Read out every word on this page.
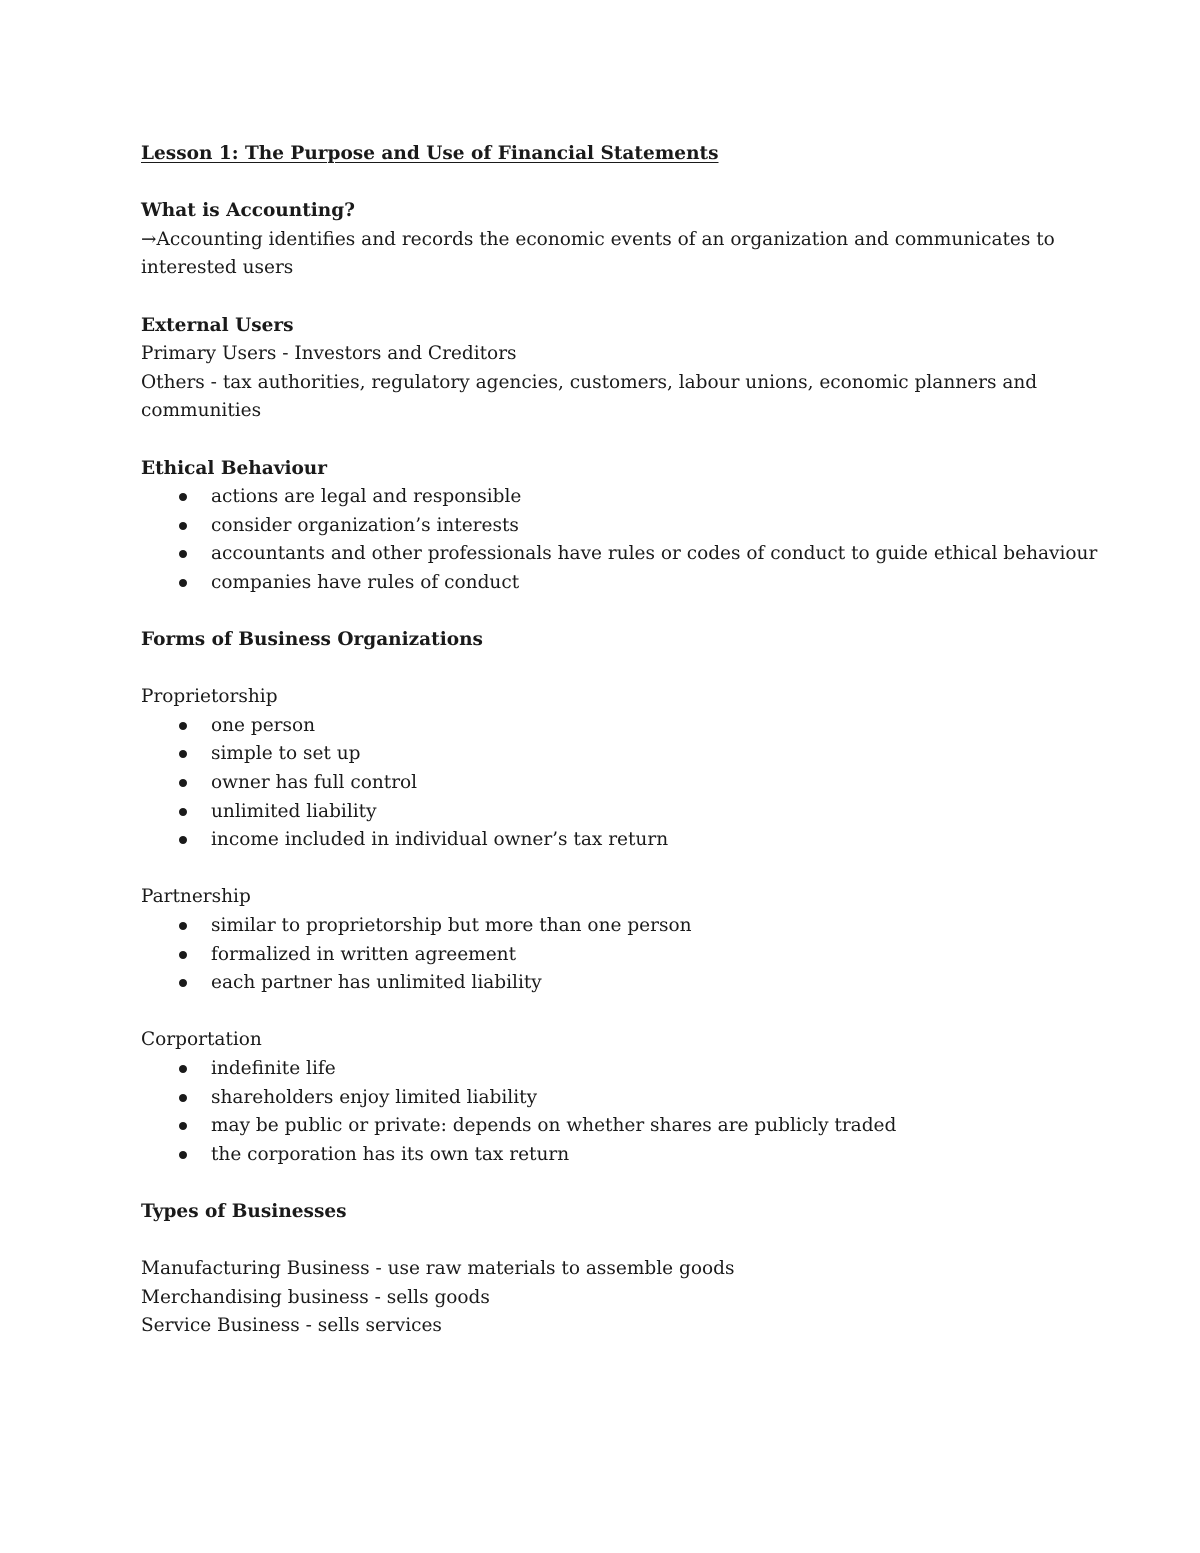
Lesson 1: The Purpose and Use of Financial Statements

What is Accounting?

→Accounting identifies and records the economic events of an organization and communicates to

interested users

External Users

Primary Users - Investors and Creditors

Others - tax authorities, regulatory agencies, customers, labour unions, economic planners and

communities

Ethical Behaviour

actions are legal and responsible
consider organization’s interests
accountants and other professionals have rules or codes of conduct to guide ethical behaviour
companies have rules of conduct

Forms of Business Organizations

Proprietorship

one person
simple to set up
owner has full control
unlimited liability
income included in individual owner’s tax return

Partnership

similar to proprietorship but more than one person
formalized in written agreement
each partner has unlimited liability

Corportation

indefinite life
shareholders enjoy limited liability
may be public or private: depends on whether shares are publicly traded
the corporation has its own tax return

Types of Businesses

Manufacturing Business - use raw materials to assemble goods

Merchandising business - sells goods

Service Business - sells services
